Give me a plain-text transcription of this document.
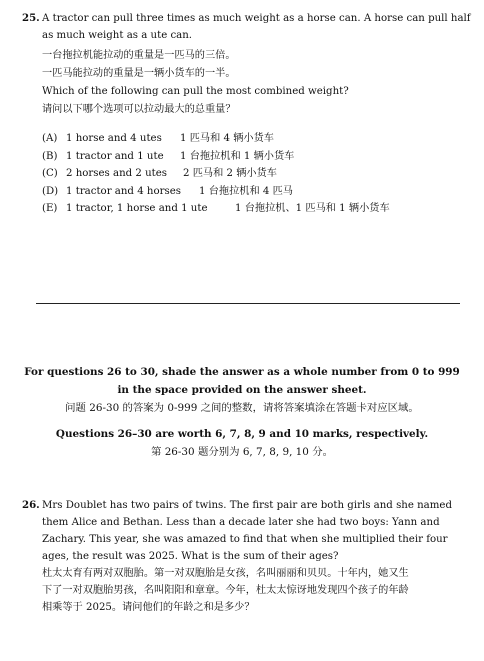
25. A tractor can pull three times as much weight as a horse can. A horse can pull half
as much weight as a ute can.
一台拖拉机能拉动的重量是一匹马的三倍。
一匹马能拉动的重量是一辆小货车的一半。
Which of the following can pull the most combined weight?
请问以下哪个选项可以拉动最大的总重量？
(A) 1 horse and 4 utes	1 匹马和 4 辆小货车
(B) 1 tractor and 1 ute	1 台拖拉机和 1 辆小货车
(C) 2 horses and 2 utes	2 匹马和 2 辆小货车
(D) 1 tractor and 4 horses	1 台拖拉机和 4 匹马
(E) 1 tractor, 1 horse and 1 ute	1 台拖拉机、1 匹马和 1 辆小货车
For questions 26 to 30, shade the answer as a whole number from 0 to 999
in the space provided on the answer sheet.
问题 26-30 的答案为 0-999 之间的整数，请将答案填涂在答题卡对应区域。
Questions 26–30 are worth 6, 7, 8, 9 and 10 marks, respectively.
第 26-30 题分别为 6, 7, 8, 9, 10 分。
26. Mrs Doublet has two pairs of twins. The first pair are both girls and she named
them Alice and Bethan. Less than a decade later she had two boys: Yann and
Zachary. This year, she was amazed to find that when she multiplied their four
ages, the result was 2025. What is the sum of their ages?
杜太太育有两对双胞胎。第一对双胞胎是女孩，名叫丽丽和贝贝。十年内，她又生
下了一对双胞胎男孩，名叫阳阳和章章。今年，杜太太惊讶地发现四个孩子的年龄
相乘等于 2025。请问他们的年龄之和是多少？
